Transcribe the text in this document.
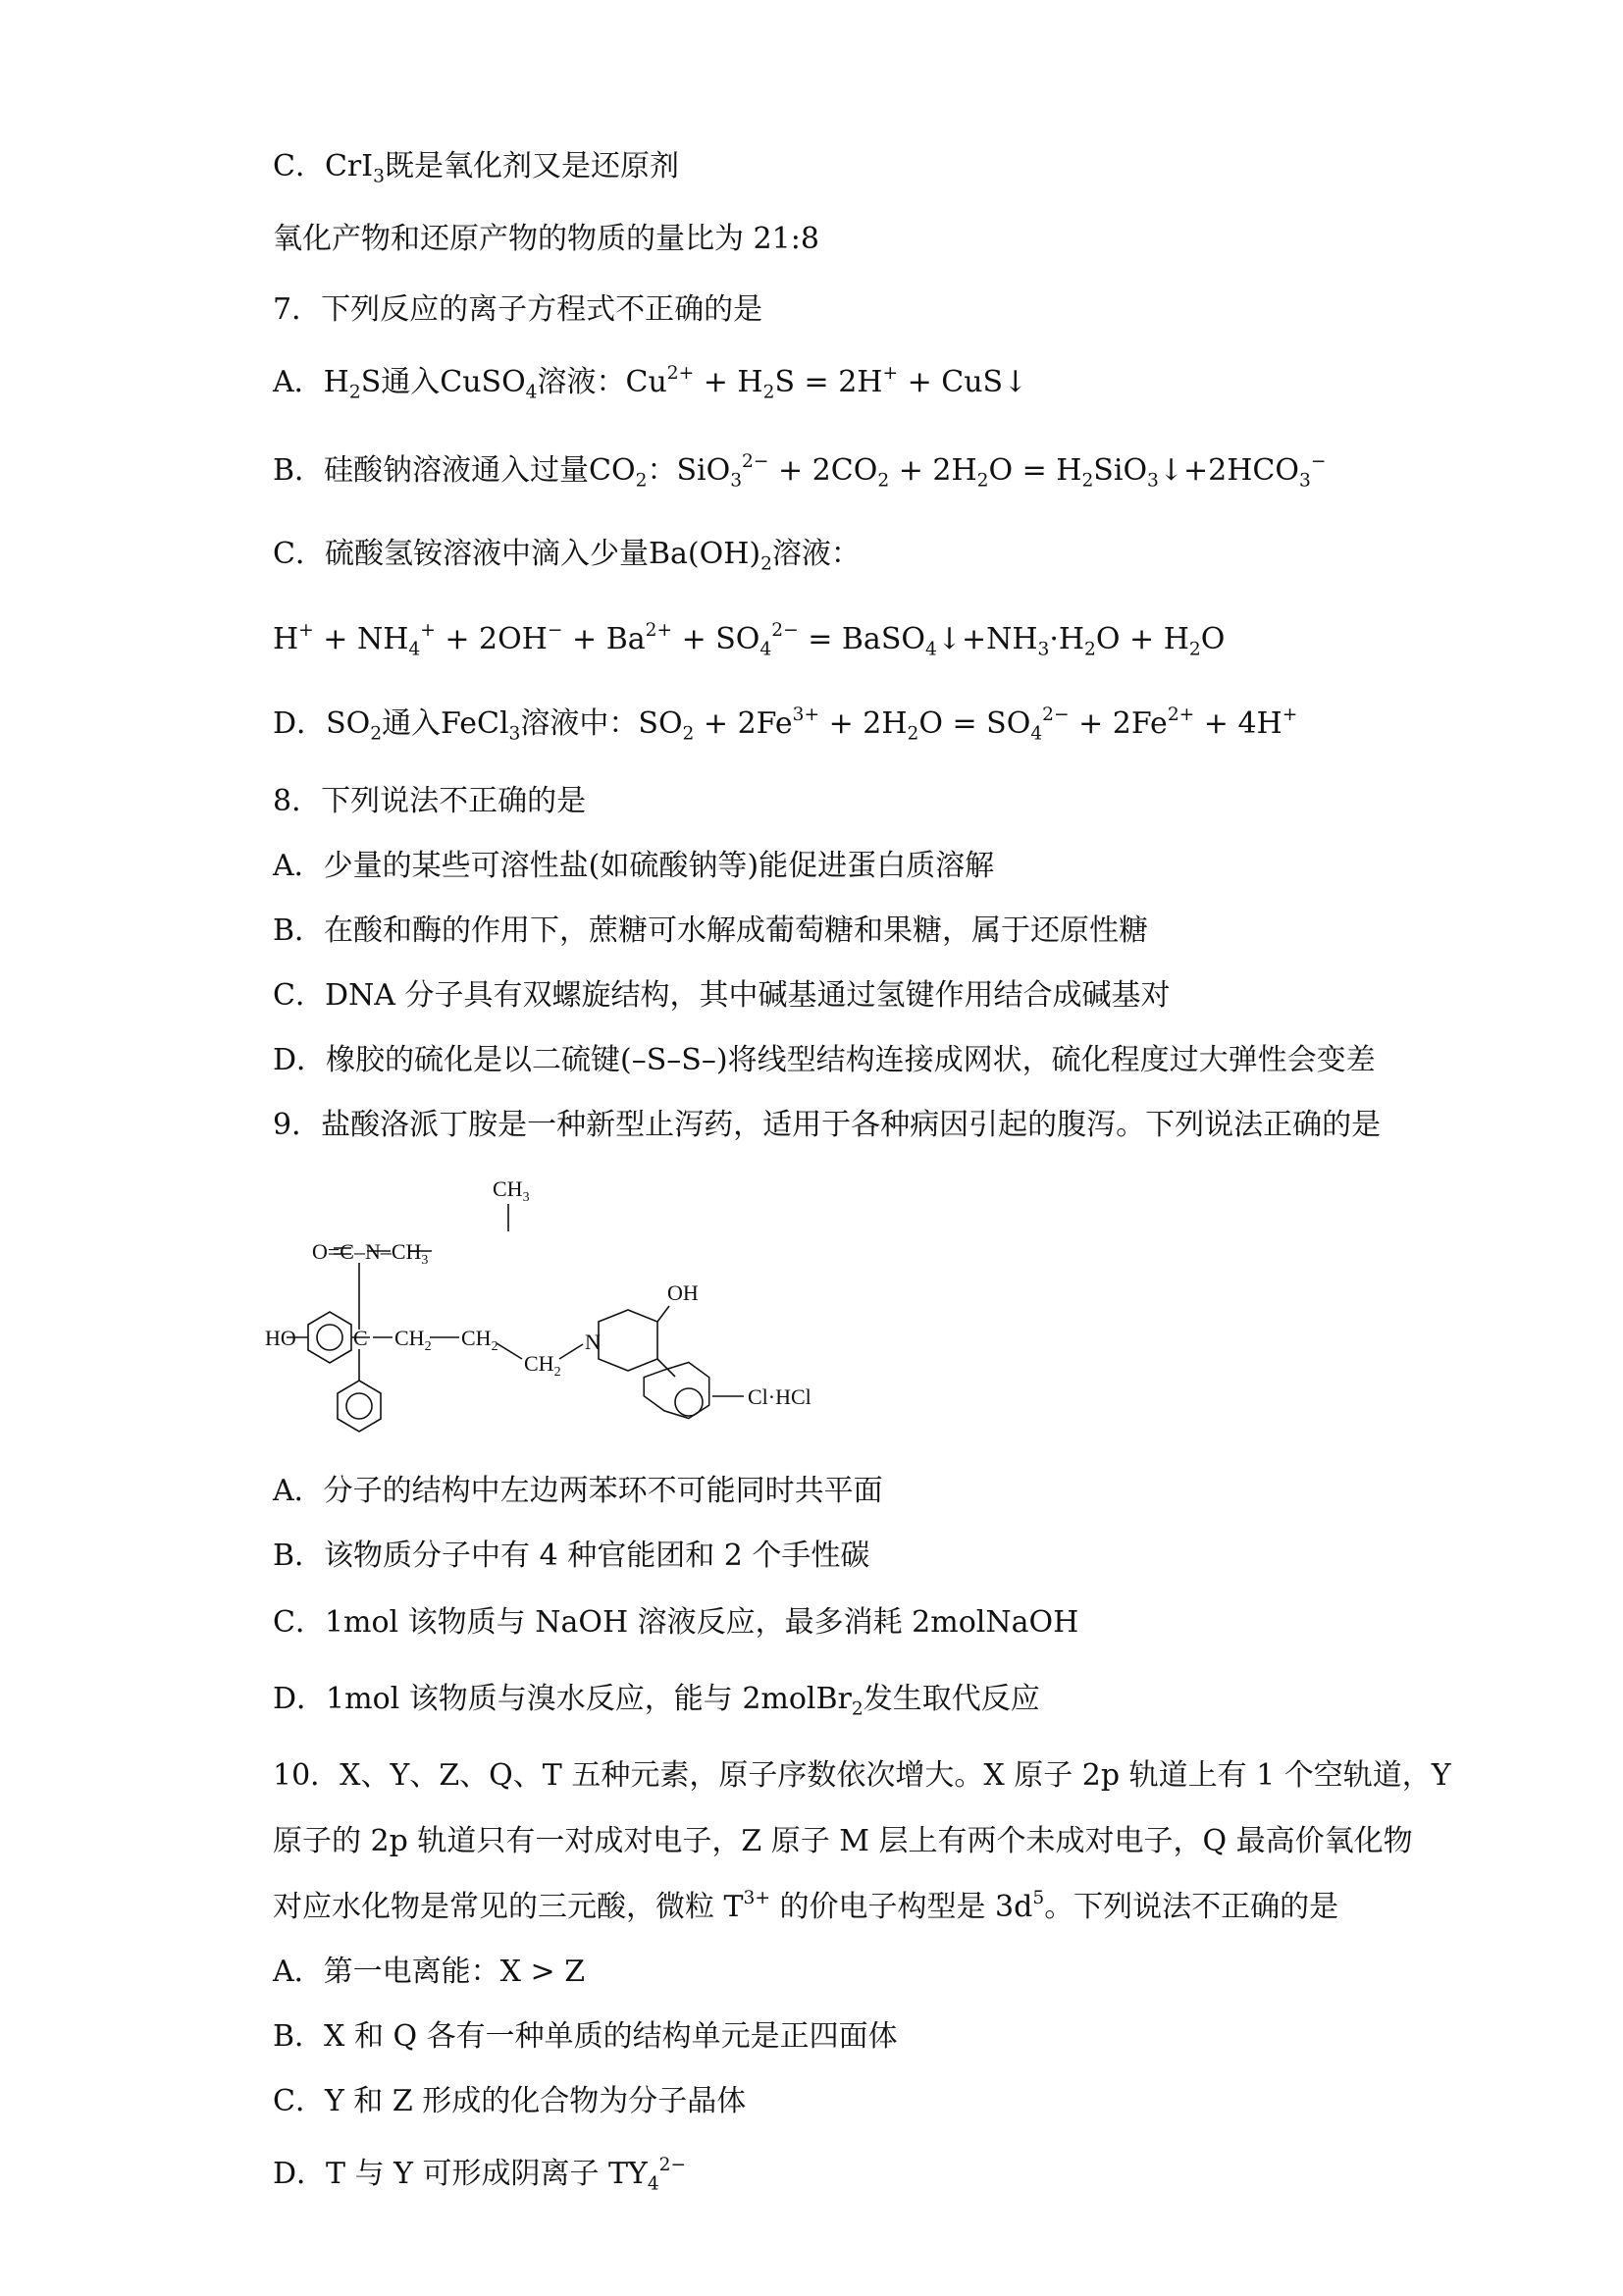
C．CrI$_3$既是氧化剂又是还原剂
氧化产物和还原产物的物质的量比为 21:8
7．下列反应的离子方程式不正确的是
A．$H_2S$通入CuSO$_4$溶液：$Cu^{2+} + H_2S = 2H^+$ + CuS↓
B．硅酸钠溶液通入过量$CO_2$：$SiO_3^{2-} + 2CO_2 + 2H_2O$ = $H_2SiO_3↓+2HCO_3^-$
C．硫酸氢铵溶液中滴入少量$Ba(OH)_2$溶液：
$H^+ + NH_4^+ + 2OH^- + Ba^{2+} + SO_4^{2-}$ = $BaSO_4↓+NH_3\cdot H_2O + H_2O$
D．$SO_2$通入FeCl$_3$溶液中：$SO_2 + 2Fe^{3+} + 2H_2O = SO_4^{2-} + 2Fe^{2+} + 4H^+$
8．下列说法不正确的是
A．少量的某些可溶性盐(如硫酸钠等)能促进蛋白质溶解
B．在酸和酶的作用下，蔗糖可水解成葡萄糖和果糖，属于还原性糖
C．DNA 分子具有双螺旋结构，其中碱基通过氢键作用结合成碱基对
D．橡胶的硫化是以二硫键(–S–S–)将线型结构连接成网状，硫化程度过大弹性会变差
9．盐酸洛派丁胺是一种新型止泻药，适用于各种病因引起的腹泻。下列说法正确的是
$CH_3$
$O=C-N-CH_3$
HO	C $CH_2$ $CH_2$
$CH_2$
N
OH
Cl·HCl
A．分子的结构中左边两苯环不可能同时共平面
B．该物质分子中有 4 种官能团和 2 个手性碳
C．1mol 该物质与 NaOH 溶液反应，最多消耗 2molNaOH
D．1mol 该物质与溴水反应，能与 2molBr$_2$发生取代反应
10．X、Y、Z、Q、T 五种元素，原子序数依次增大。X 原子 2p 轨道上有 1 个空轨道，Y
原子的 2p 轨道只有一对成对电子，Z 原子 M 层上有两个未成对电子，Q 最高价氧化物
对应水化物是常见的三元酸，微粒 $T^{3+}$ 的价电子构型是 $3d^5$。下列说法不正确的是
A．第一电离能：X > Z
B．X 和 Q 各有一种单质的结构单元是正四面体
C．Y 和 Z 形成的化合物为分子晶体
D．T 与 Y 可形成阴离子 $TY_4^{2-}$
